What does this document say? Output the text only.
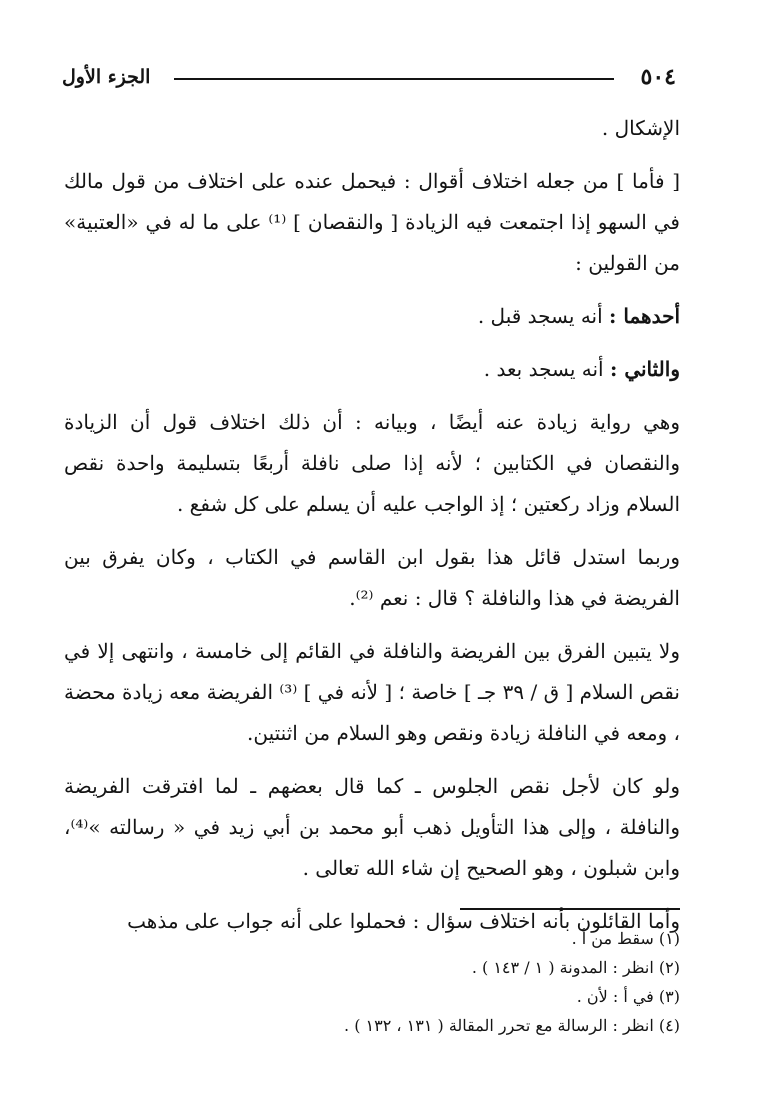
٥٠٤
الجزء الأول

الإشكال .

[ فأما ] من جعله اختلاف أقوال : فيحمل عنده على اختلاف من قول مالك في السهو إذا اجتمعت فيه الزيادة [ والنقصان ] ⁽¹⁾ على ما له في «العتبية» من القولين :

أحدهما : أنه يسجد قبل .

والثاني : أنه يسجد بعد .

وهي رواية زيادة عنه أيضًا ، وبيانه : أن ذلك اختلاف قول أن الزيادة والنقصان في الكتابين ؛ لأنه إذا صلى نافلة أربعًا بتسليمة واحدة نقص السلام وزاد ركعتين ؛ إذ الواجب عليه أن يسلم على كل شفع .

وربما استدل قائل هذا بقول ابن القاسم في الكتاب ، وكان يفرق بين الفريضة في هذا والنافلة ؟ قال : نعم ⁽²⁾.

ولا يتبين الفرق بين الفريضة والنافلة في القائم إلى خامسة ، وانتهى إلا في نقص السلام [ ق / ٣٩ جـ ] خاصة ؛ [ لأنه في ] ⁽³⁾ الفريضة معه زيادة محضة ، ومعه في النافلة زيادة ونقص وهو السلام من اثنتين.

ولو كان لأجل نقص الجلوس ـ كما قال بعضهم ـ لما افترقت الفريضة والنافلة ، وإلى هذا التأويل ذهب أبو محمد بن أبي زيد في « رسالته »⁽⁴⁾، وابن شبلون ، وهو الصحيح إن شاء الله تعالى .

وأما القائلون بأنه اختلاف سؤال : فحملوا على أنه جواب على مذهب

(١) سقط من أ .

(٢) انظر : المدونة ( ١ / ١٤٣ ) .

(٣) في أ : لأن .

(٤) انظر : الرسالة مع تحرر المقالة ( ١٣١ ، ١٣٢ ) .
